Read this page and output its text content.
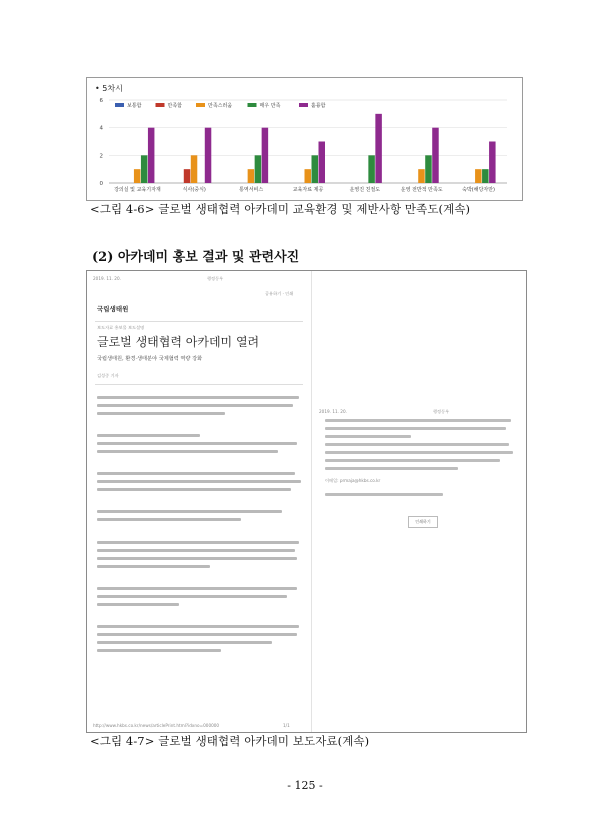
• 5차시
0
2
4
6
보통함	만족함	만족스러움	매우 만족	훌륭함
강의실 및 교육기자재	식사(중식)	통역서비스	교육자료 제공	운영진 친절도	운영 전반적 만족도	숙박(해당자만)
<그림 4-6> 글로벌 생태협력 아카데미 교육환경 및 제반사항 만족도(계속)
(2) 아카데미 홍보 결과 및 관련사진
2019. 11. 20.	행정동우
공유하기 · 인쇄
국립생태원
보도자료 홍보물 보도설명
글로벌 생태협력 아카데미 열려
국립생태원, 환경·생태분야 국제협력 역량 강화
김성중 기자
http://www.hkbs.co.kr/news/articlePrint.html?idxno=000000	1/1
2019. 11. 20.	행정동우
이메일: prmaja@hkbs.co.kr
인쇄하기
<그림 4-7> 글로벌 생태협력 아카데미 보도자료(계속)
- 125 -
